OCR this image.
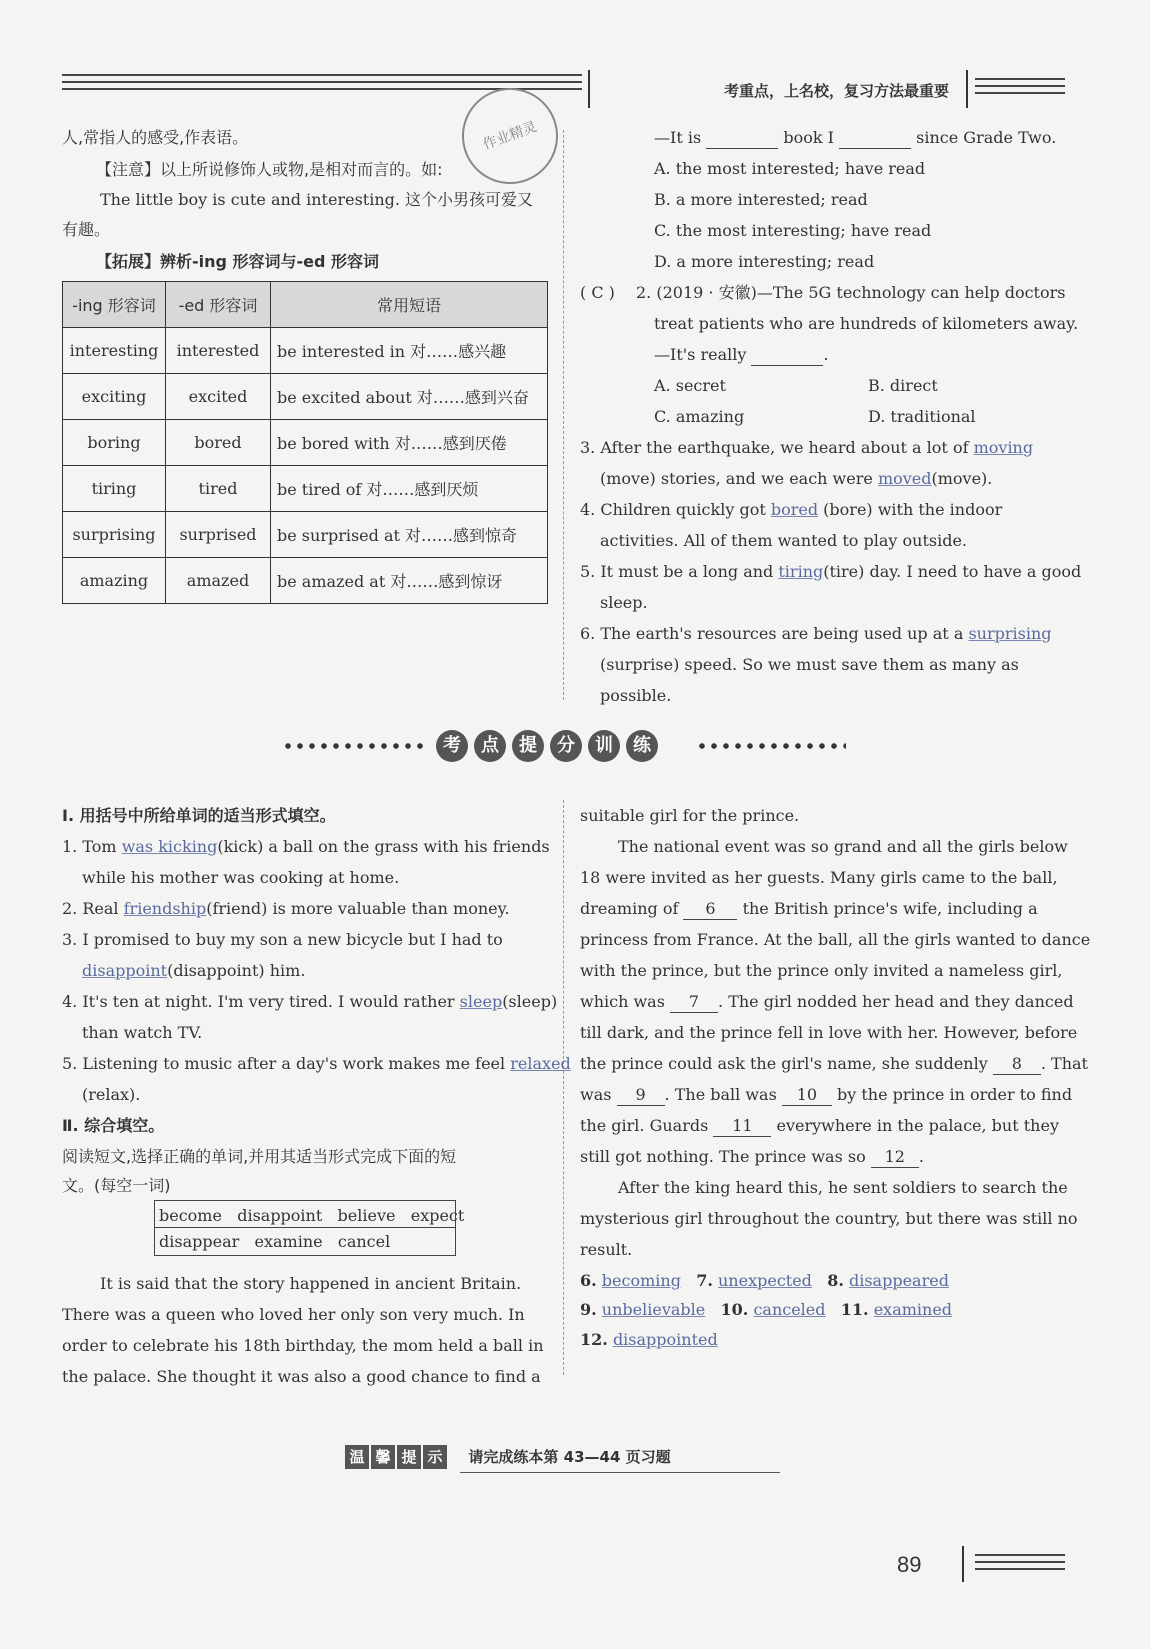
考重点，上名校，复习方法最重要
作业精灵
人,常指人的感受,作表语。
【注意】以上所说修饰人或物,是相对而言的。如:
The little boy is cute and interesting. 这个小男孩可爱又
有趣。
【拓展】辨析-ing 形容词与-ed 形容词
-ing 形容词	-ed 形容词	常用短语
interesting	interested	be interested in 对……感兴趣
exciting	excited	be excited about 对……感到兴奋
boring	bored	be bored with 对……感到厌倦
tiring	tired	be tired of 对……感到厌烦
surprising	surprised	be surprised at 对……感到惊奇
amazing	amazed	be amazed at 对……感到惊讶
—It is	book I	since Grade Two.
A. the most interested; have read
B. a more interested; read
C. the most interesting; have read
D. a more interesting; read
( C ) 2. (2019 · 安徽)—The 5G technology can help doctors
treat patients who are hundreds of kilometers away.
—It's really	.
A. secret	B. direct
C. amazing	D. traditional
3. After the earthquake, we heard about a lot of moving
(move) stories, and we each were moved(move).
4. Children quickly got bored (bore) with the indoor
activities. All of them wanted to play outside.
5. It must be a long and tiring(tire) day. I need to have a good
sleep.
6. The earth's resources are being used up at a surprising
(surprise) speed. So we must save them as many as
possible.
考 点 提 分 训 练
Ⅰ. 用括号中所给单词的适当形式填空。
1. Tom was kicking(kick) a ball on the grass with his friends
while his mother was cooking at home.
2. Real friendship(friend) is more valuable than money.
3. I promised to buy my son a new bicycle but I had to
disappoint(disappoint) him.
4. It's ten at night. I'm very tired. I would rather sleep(sleep)
than watch TV.
5. Listening to music after a day's work makes me feel relaxed
(relax).
Ⅱ. 综合填空。
阅读短文,选择正确的单词,并用其适当形式完成下面的短
文。(每空一词)
become   disappoint   believe   expect
disappear   examine   cancel
It is said that the story happened in ancient Britain.
There was a queen who loved her only son very much. In
order to celebrate his 18th birthday, the mom held a ball in
the palace. She thought it was also a good chance to find a
suitable girl for the prince.
The national event was so grand and all the girls below
18 were invited as her guests. Many girls came to the ball,
dreaming of 6 the British prince's wife, including a
princess from France. At the ball, all the girls wanted to dance
with the prince, but the prince only invited a nameless girl,
which was 7 . The girl nodded her head and they danced
till dark, and the prince fell in love with her. However, before
the prince could ask the girl's name, she suddenly 8 . That
was 9 . The ball was 10 by the prince in order to find
the girl. Guards 11 everywhere in the palace, but they
still got nothing. The prince was so 12 .
After the king heard this, he sent soldiers to search the
mysterious girl throughout the country, but there was still no
result.
6. becoming 7. unexpected 8. disappeared
9. unbelievable 10. canceled 11. examined
12. disappointed
温 馨 提 示 请完成练本第 43—44 页习题
89
